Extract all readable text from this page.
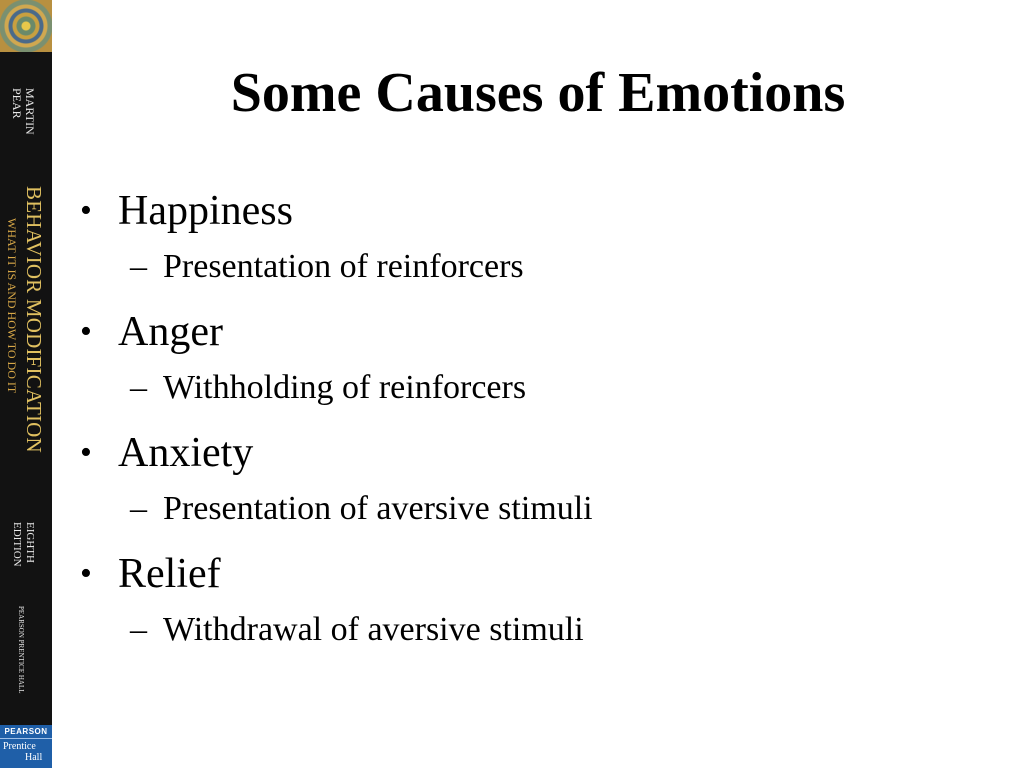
MARTIN
PEAR
BEHAVIOR MODIFICATION
WHAT IT IS AND HOW TO DO IT
EIGHTH
EDITION
PEARSON PRENTICE HALL
PEARSON
Prentice
Hall
Some Causes of Emotions
• Happiness
– Presentation of reinforcers
• Anger
– Withholding of reinforcers
• Anxiety
– Presentation of aversive stimuli
• Relief
– Withdrawal of aversive stimuli
